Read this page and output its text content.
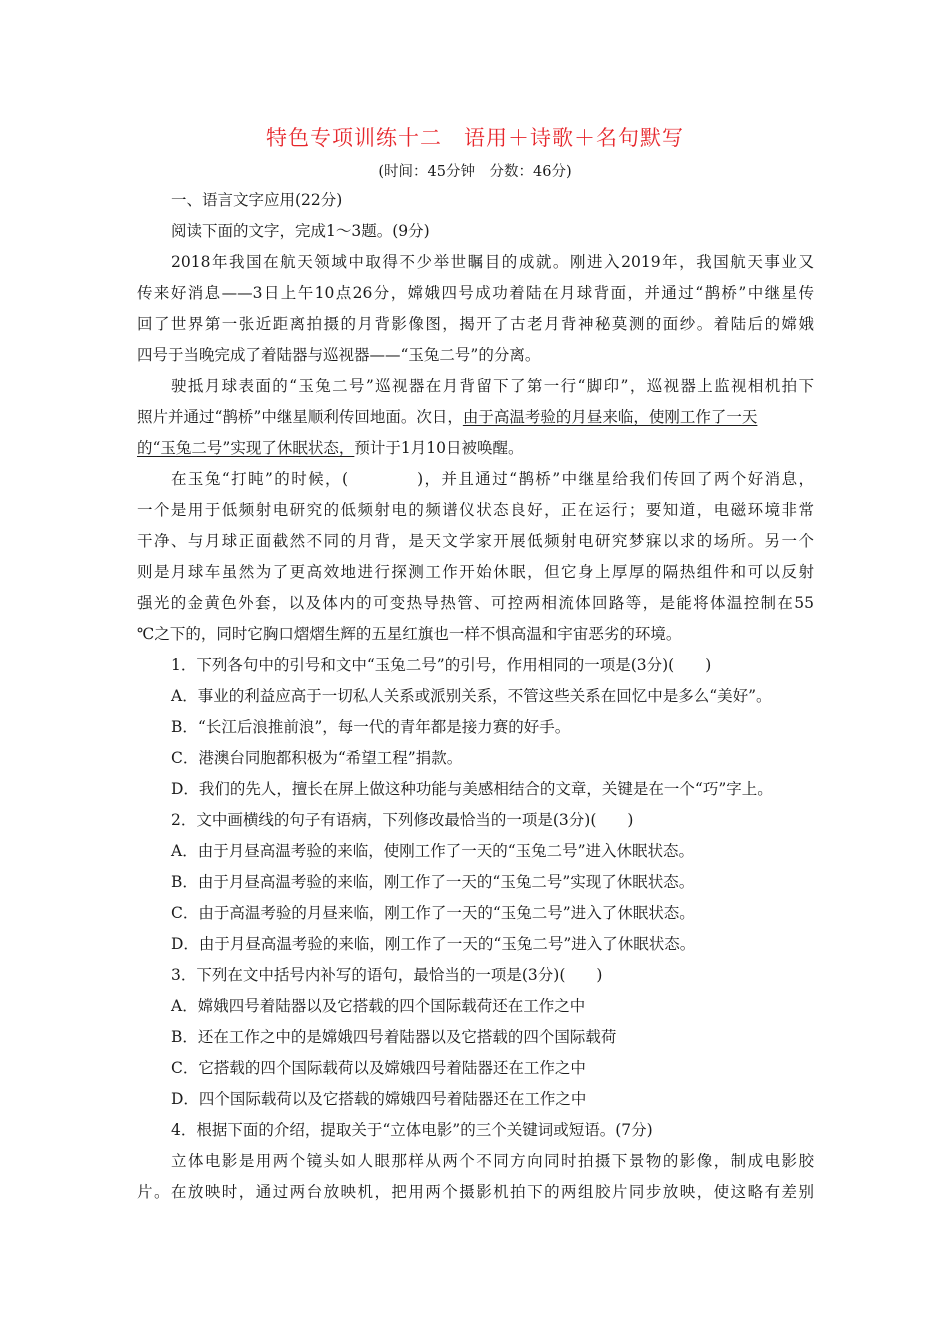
特色专项训练十二　语用＋诗歌＋名句默写
(时间：45分钟　分数：46分)
一、语言文字应用(22分)
阅读下面的文字，完成1～3题。(9分)
2018年我国在航天领域中取得不少举世瞩目的成就。刚进入2019年，我国航天事业又
传来好消息——3日上午10点26分，嫦娥四号成功着陆在月球背面，并通过“鹊桥”中继星传
回了世界第一张近距离拍摄的月背影像图，揭开了古老月背神秘莫测的面纱。着陆后的嫦娥
四号于当晚完成了着陆器与巡视器——“玉兔二号”的分离。
驶抵月球表面的“玉兔二号”巡视器在月背留下了第一行“脚印”，巡视器上监视相机拍下
照片并通过“鹊桥”中继星顺利传回地面。次日，由于高温考验的月昼来临，使刚工作了一天
的“玉兔二号”实现了休眠状态，预计于1月10日被唤醒。
在玉兔“打盹”的时候，(　　　　)，并且通过“鹊桥”中继星给我们传回了两个好消息，
一个是用于低频射电研究的低频射电的频谱仪状态良好，正在运行；要知道，电磁环境非常
干净、与月球正面截然不同的月背，是天文学家开展低频射电研究梦寐以求的场所。另一个
则是月球车虽然为了更高效地进行探测工作开始休眠，但它身上厚厚的隔热组件和可以反射
强光的金黄色外套，以及体内的可变热导热管、可控两相流体回路等，是能将体温控制在55
℃之下的，同时它胸口熠熠生辉的五星红旗也一样不惧高温和宇宙恶劣的环境。
1．下列各句中的引号和文中“玉兔二号”的引号，作用相同的一项是(3分)(　　)
A．事业的利益应高于一切私人关系或派别关系，不管这些关系在回忆中是多么“美好”。
B．“长江后浪推前浪”，每一代的青年都是接力赛的好手。
C．港澳台同胞都积极为“希望工程”捐款。
D．我们的先人，擅长在屏上做这种功能与美感相结合的文章，关键是在一个“巧”字上。
2．文中画横线的句子有语病，下列修改最恰当的一项是(3分)(　　)
A．由于月昼高温考验的来临，使刚工作了一天的“玉兔二号”进入休眠状态。
B．由于月昼高温考验的来临，刚工作了一天的“玉兔二号”实现了休眠状态。
C．由于高温考验的月昼来临，刚工作了一天的“玉兔二号”进入了休眠状态。
D．由于月昼高温考验的来临，刚工作了一天的“玉兔二号”进入了休眠状态。
3．下列在文中括号内补写的语句，最恰当的一项是(3分)(　　)
A．嫦娥四号着陆器以及它搭载的四个国际载荷还在工作之中
B．还在工作之中的是嫦娥四号着陆器以及它搭载的四个国际载荷
C．它搭载的四个国际载荷以及嫦娥四号着陆器还在工作之中
D．四个国际载荷以及它搭载的嫦娥四号着陆器还在工作之中
4．根据下面的介绍，提取关于“立体电影”的三个关键词或短语。(7分)
立体电影是用两个镜头如人眼那样从两个不同方向同时拍摄下景物的影像，制成电影胶
片。在放映时，通过两台放映机，把用两个摄影机拍下的两组胶片同步放映，使这略有差别
